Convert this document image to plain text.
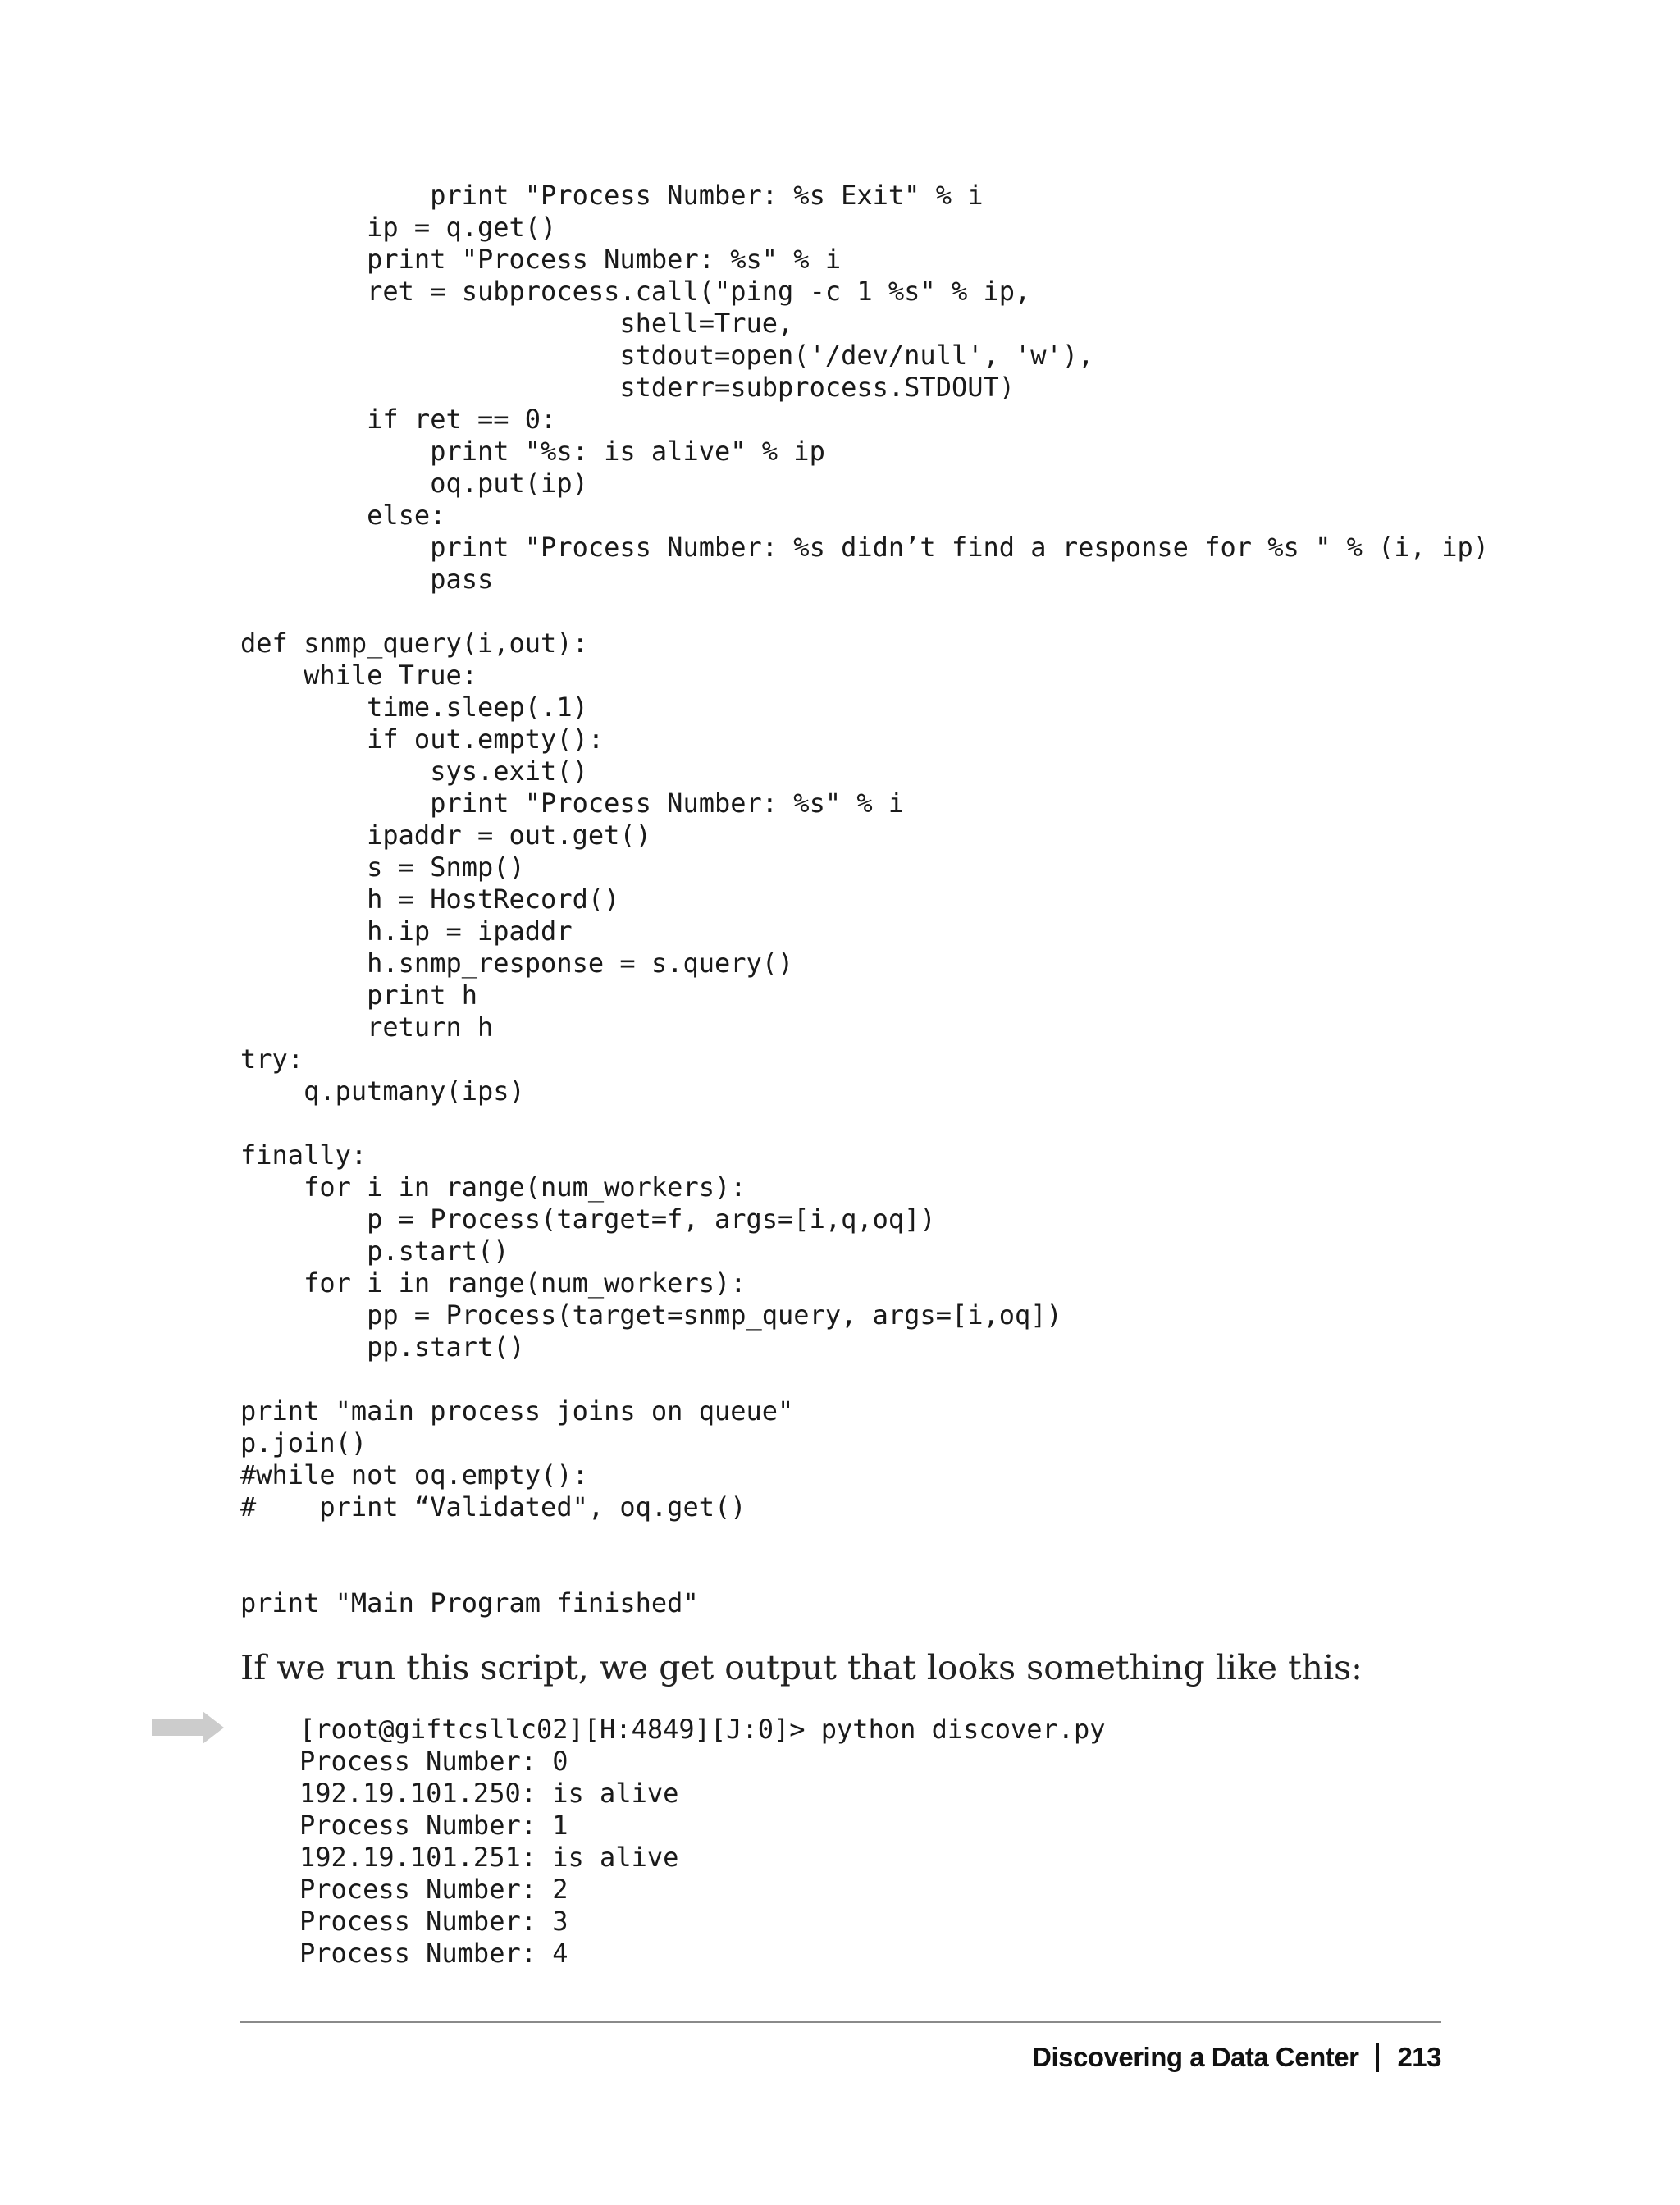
print "Process Number: %s Exit" % i
ip = q.get()
print "Process Number: %s" % i
ret = subprocess.call("ping -c 1 %s" % ip,
shell=True,
stdout=open('/dev/null', 'w'),
stderr=subprocess.STDOUT)
if ret == 0:
print "%s: is alive" % ip
oq.put(ip)
else:
print "Process Number: %s didn’t find a response for %s " % (i, ip)
pass

def snmp_query(i,out):
while True:
time.sleep(.1)
if out.empty():
sys.exit()
print "Process Number: %s" % i
ipaddr = out.get()
s = Snmp()
h = HostRecord()
h.ip = ipaddr
h.snmp_response = s.query()
print h
return h
try:
q.putmany(ips)

finally:
for i in range(num_workers):
p = Process(target=f, args=[i,q,oq])
p.start()
for i in range(num_workers):
pp = Process(target=snmp_query, args=[i,oq])
pp.start()

print "main process joins on queue"
p.join()
#while not oq.empty():
#    print “Validated", oq.get()

print "Main Program finished"

If we run this script, we get output that looks something like this:

[root@giftcsllc02][H:4849][J:0]> python discover.py
Process Number: 0
192.19.101.250: is alive
Process Number: 1
192.19.101.251: is alive
Process Number: 2
Process Number: 3
Process Number: 4
Discovering a Data Center 213
